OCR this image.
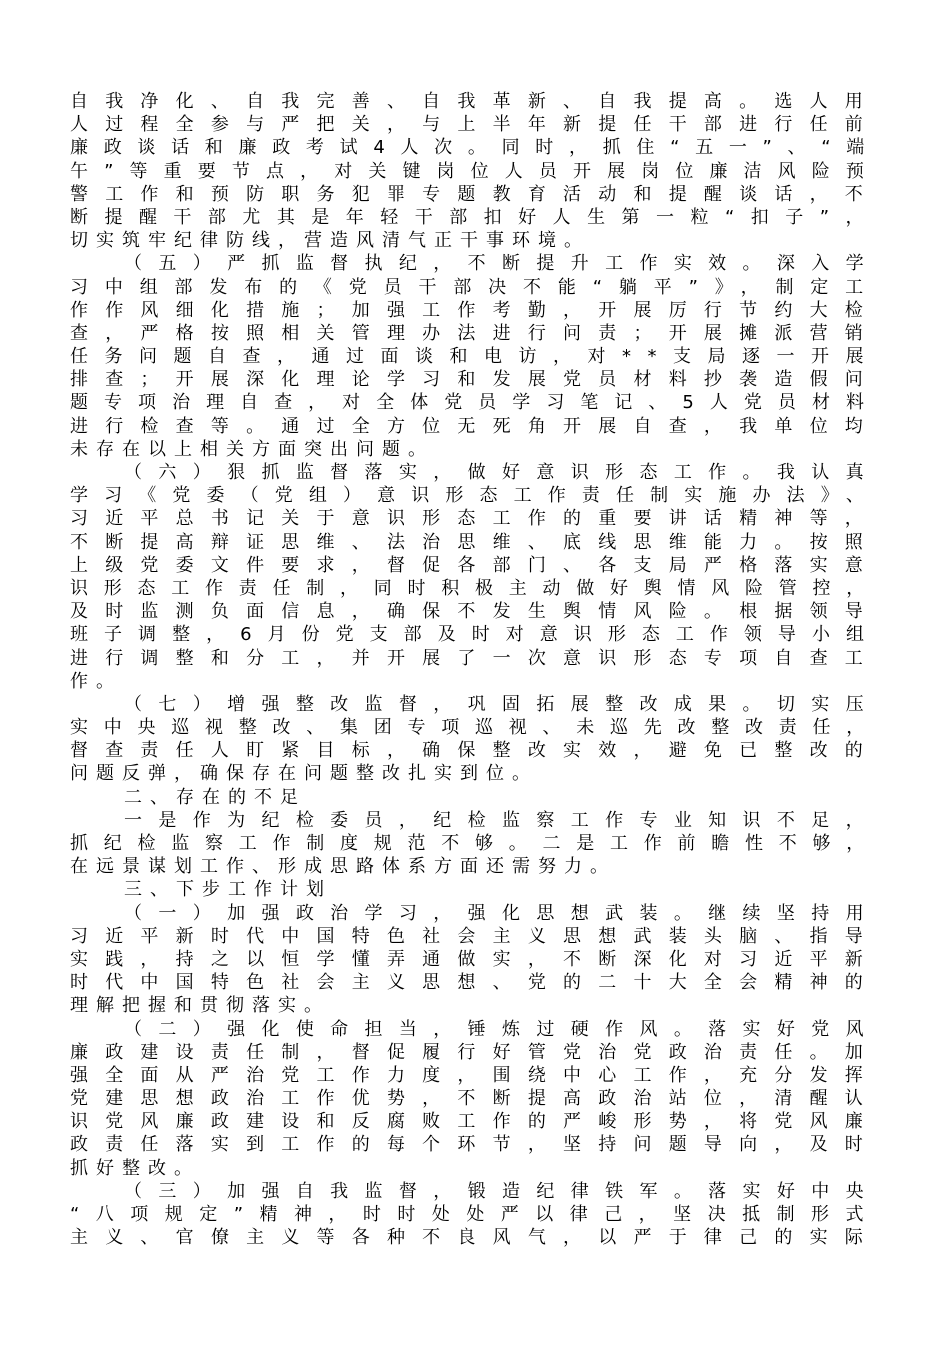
自我净化、自我完善、自我革新、自我提高。选人用
人过程全参与严把关，与上半年新提任干部进行任前
廉政谈话和廉政考试4人次。同时，抓住“五一”、“端
午”等重要节点，对关键岗位人员开展岗位廉洁风险预
警工作和预防职务犯罪专题教育活动和提醒谈话，不
断提醒干部尤其是年轻干部扣好人生第一粒“扣子”，
切实筑牢纪律防线，营造风清气正干事环境。
（五）严抓监督执纪，不断提升工作实效。深入学
习中组部发布的《党员干部决不能“躺平”》，制定工
作作风细化措施；加强工作考勤，开展厉行节约大检
查，严格按照相关管理办法进行问责；开展摊派营销
任务问题自查，通过面谈和电访，对**支局逐一开展
排查；开展深化理论学习和发展党员材料抄袭造假问
题专项治理自查，对全体党员学习笔记、5人党员材料
进行检查等。通过全方位无死角开展自查，我单位均
未存在以上相关方面突出问题。
（六）狠抓监督落实，做好意识形态工作。我认真
学习《党委（党组）意识形态工作责任制实施办法》、
习近平总书记关于意识形态工作的重要讲话精神等，
不断提高辩证思维、法治思维、底线思维能力。按照
上级党委文件要求，督促各部门、各支局严格落实意
识形态工作责任制，同时积极主动做好舆情风险管控，
及时监测负面信息，确保不发生舆情风险。根据领导
班子调整，6月份党支部及时对意识形态工作领导小组
进行调整和分工，并开展了一次意识形态专项自查工
作。
（七）增强整改监督，巩固拓展整改成果。切实压
实中央巡视整改、集团专项巡视、未巡先改整改责任，
督查责任人盯紧目标，确保整改实效，避免已整改的
问题反弹，确保存在问题整改扎实到位。
二、存在的不足
一是作为纪检委员，纪检监察工作专业知识不足，
抓纪检监察工作制度规范不够。二是工作前瞻性不够，
在远景谋划工作、形成思路体系方面还需努力。
三、下步工作计划
（一）加强政治学习，强化思想武装。继续坚持用
习近平新时代中国特色社会主义思想武装头脑、指导
实践，持之以恒学懂弄通做实，不断深化对习近平新
时代中国特色社会主义思想、党的二十大全会精神的
理解把握和贯彻落实。
（二）强化使命担当，锤炼过硬作风。落实好党风
廉政建设责任制，督促履行好管党治党政治责任。加
强全面从严治党工作力度，围绕中心工作，充分发挥
党建思想政治工作优势，不断提高政治站位，清醒认
识党风廉政建设和反腐败工作的严峻形势，将党风廉
政责任落实到工作的每个环节，坚持问题导向，及时
抓好整改。
（三）加强自我监督，锻造纪律铁军。落实好中央
“八项规定”精神，时时处处严以律己，坚决抵制形式
主义、官僚主义等各种不良风气，以严于律己的实际
